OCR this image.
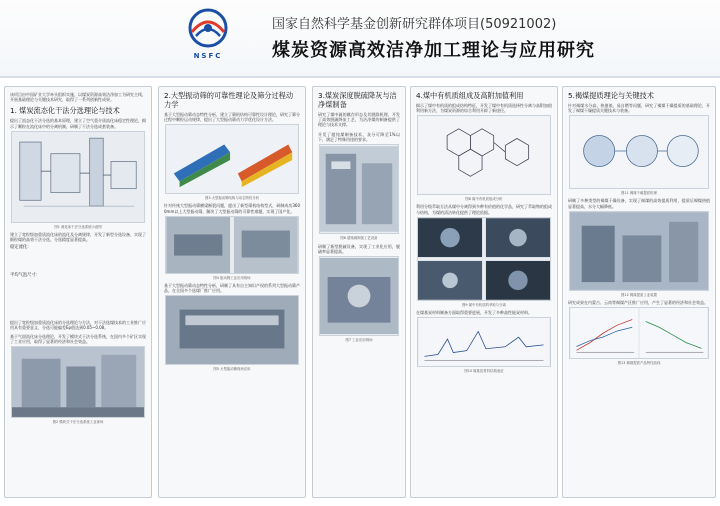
NSFC
国家自然科学基金创新研究群体项目(50921002)
煤炭资源高效洁净加工理论与应用研究
该项目由中国矿业大学牵头组织实施，以煤炭资源高效洁净加工为研究主线，开展基础理论与关键技术研究，取得了一系列创新性成果。
1. 煤炭流态化干法分选理论与技术
提出了流态化干法分选的基本原理，建立了空气重介质流化床稳定性理论，揭示了颗粒在流化床中的分离机制，研制了干法分选成套装备。
图1 流化床干法分选系统示意图
建立了宽粒级加重质流化床的流化及分离规律，开发了新型分选设备，实现了细粒煤的高效干法分选，分选精度显著提高。
稳定流化：
平均气泡尺寸：
提出了宽粒级加重质流化床的分选理论与方法，对干法选煤技术的工业推广应用具有重要意义，分选可能偏差Ep值达到0.05~0.08。
基于气固流化床分选理论，开发了模块式干法分选系统，在国内多个矿区实现了工业应用，取得了显著的经济和社会效益。
图2 模块式干法分选系统工业现场
2.大型振动筛的可靠性理论及筛分过程动力学
基于大型振动筛动态特性分析，建立了筛机结构可靠性设计理论，研究了筛分过程中颗粒运动规律，提出了大型振动筛动力学优化设计方法。
图3 大型振动筛结构与动态特性分析
针对传统大型振动筛横梁断裂问题，提出了新型筛机结构型式，研制成功3600mm以上大型振动筛，解决了大型振动筛的可靠性难题，实现了国产化。
图4 振动筛工业应用现场
基于大型振动筛动态特性分析，研制了具有自主知识产权的系列大型振动筛产品，在全国多个选煤厂推广应用。
图5 大型振动筛现场应用
3.煤炭深度脱硫降灰与洁净煤制备
研究了煤中硫的赋存形态及其脱除机理，开发了高效脱硫降灰工艺，为洁净煤的制备提供了理论与技术支撑。
开发了超纯煤制备技术，灰分可降至1%以下，满足了特殊用途的要求。
图6 超纯煤制备工艺设备
研制了新型脱硫设备，实现了工业化应用，脱硫率显著提高。
图7 工业应用现场
4.煤中有机质组成及高附加值利用
揭示了煤中有机质的组成结构特征，开发了煤中有机质选择性分离与高附加值利用新方法，为煤炭资源的综合利用开辟了新途径。
图8 煤中有机质组成分析
利用分级萃取方法从煤中分离得到多种有价值的化学品，研究了萃取物的组成与结构，为煤的清洁转化提供了理论依据。
图9 煤中有机质的萃取与分离
在煤基炭材料制备方面取得重要进展，开发了多种高性能炭材料。
图10 煤基炭材料结构表征
5.褐煤提质理论与关键技术
针对褐煤水分高、热值低、易自燃等问题，研究了褐煤干燥提质的基础理论，开发了褐煤干燥提质关键技术与装备。
图11 褐煤干燥提质机理
研制了多种类型的褐煤干燥设备，实现了褐煤的高效提质利用，提质后褐煤热值显著提高，水分大幅降低。
图12 褐煤提质工业装置
研究成果在内蒙古、云南等褐煤产区推广应用，产生了显著的经济和社会效益。
图13 褐煤提质产品特性曲线
